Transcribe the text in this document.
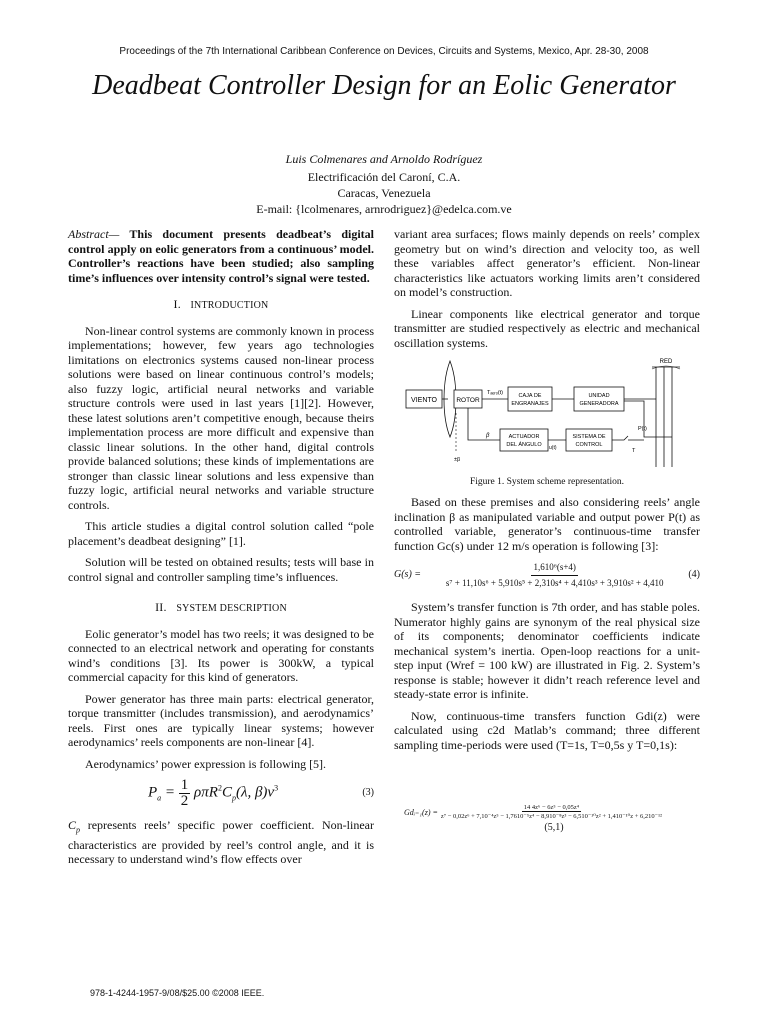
Proceedings of the 7th International Caribbean Conference on Devices, Circuits and Systems, Mexico, Apr. 28-30, 2008
Deadbeat Controller Design for an Eolic Generator
Luis Colmenares and Arnoldo Rodríguez
Electrificación del Caroní, C.A.
Caracas, Venezuela
E-mail: {lcolmenares, arnrodriguez}@edelca.com.ve

Abstract— This document presents deadbeat’s digital control apply on eolic generators from a continuous’ model. Controller’s reactions have been studied; also sampling time’s influences over intensity control’s signal were tested.

I. INTRODUCTION

Non-linear control systems are commonly known in process implementations; however, few years ago technologies limitations on electronics systems caused non-linear process solutions were based on linear continuous control’s models; also fuzzy logic, artificial neural networks and variable structure controls were used in last years [1][2]. However, these latest solutions aren’t competitive enough, because theirs implementation process are more difficult and expensive than classic linear solutions. In the other hand, digital controls provide balanced solutions; these kinds of implementations are stronger than classic linear solutions and less expensive than fuzzy logic, artificial neural networks and variable structure controls.

This article studies a digital control solution called “pole placement’s deadbeat designing” [1].

Solution will be tested on obtained results; tests will base in control signal and controller sampling time’s influences.

II. SYSTEM DESCRIPTION

Eolic generator’s model has two reels; it was designed to be connected to an electrical network and operating for constants wind’s conditions [3]. Its power is 300kW, a typical commercial capacity for this kind of generators.

Power generator has three main parts: electrical generator, torque transmitter (includes transmission), and aerodynamics’ reels. First ones are typically linear systems; however aerodynamics’ reels components are non-linear [4].

Aerodynamics’ power expression is following [5].

$P_a = \frac{1}{2} \rho\pi R^2C_p(\lambda$, $\beta)v^3$	(3)

$C_p$ represents reels’ specific power coefficient. Non-linear characteristics are provided by reel’s control angle, and it is necessary to understand wind’s flow effects over

variant area surfaces; flows mainly depends on reels’ complex geometry but on wind’s direction and velocity too, as well these variables affect generator’s efficient. Non-linear characteristics like actuators working limits aren’t considered on model’s construction.

Linear components like electrical generator and torque transmitter are studied respectively as electric and mechanical oscillation systems.

RED
VIENTO	ROTOR
Tₐₑᵣₒ(t)	CAJA DE
ENGRANAJES
UNIDAD
GENERADORA
P(t)
SISTEMA DE
CONTROL
T
u(t)
ACTUADOR
DEL ÁNGULO
β
±β
Figure 1. System scheme representation.

Based on these premises and also considering reels’ angle inclination β as manipulated variable and output power P(t) as controlled variable, generator’s continuous-time transfer function Gc(s) under 12 m/s operation is following [3]:

G(s) =	$\frac{\text{1,610⁶(s+4)}}{\text{s⁷ + 11,10s⁶ + 5,910s⁵ + 2,310s⁴ + 4,410s³ + 3,910s² + 4,410}} (4)$

System’s transfer function is 7th order, and has stable poles. Numerator highly gains are synonym of the real physical size of its components; denominator coefficients indicate mechanical system’s inertia. Open-loop reactions for a unit-step input (Wref = 100 kW) are illustrated in Fig. 2. System’s response is stable; however it didn’t reach reference level and steady-state error is infinite.

Now, continuous-time transfers function Gdi(z) were calculated using c2d Matlab’s command; three different sampling time-periods were used (T=1s, T=0,5s y T=0,1s):

Gdᵢ₌₁(z) =	14 4z⁶ − 6z⁵ − 0,05z⁴
z⁷ − 0,02z⁶ + 7,10⁻⁴z⁵ − 1,7610⁻⁵z⁴ − 8,910⁻⁸z³ − 6,510⁻¹⁰z² + 1,410⁻¹⁰z + 6,210⁻¹²
(5,1)
978-1-4244-1957-9/08/$25.00 ©2008 IEEE.
